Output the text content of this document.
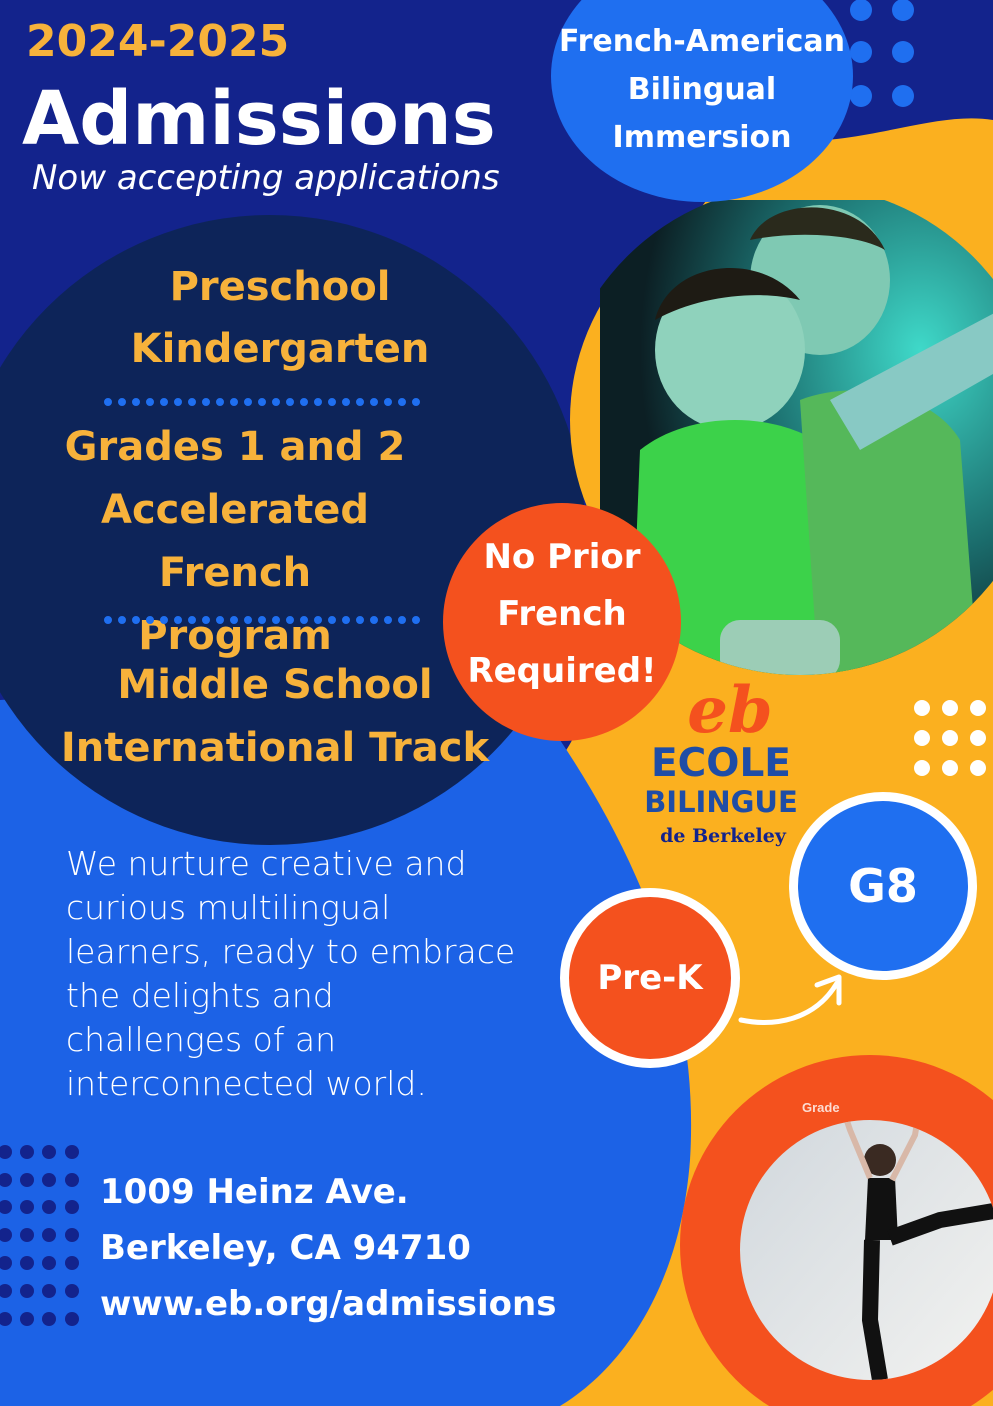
Grade
2024-2025
Admissions
Now accepting applications
French-American
Bilingual
Immersion
Preschool
Kindergarten
Grades 1 and 2
Accelerated French
Program
Middle School
International Track
No Prior
French
Required!
eb
ECOLE
BILINGUE
de Berkeley
G8
Pre-K
We nurture creative and
curious multilingual
learners, ready to embrace
the delights and
challenges of an
interconnected world.
1009 Heinz Ave.
Berkeley, CA 94710
www.eb.org/admissions
